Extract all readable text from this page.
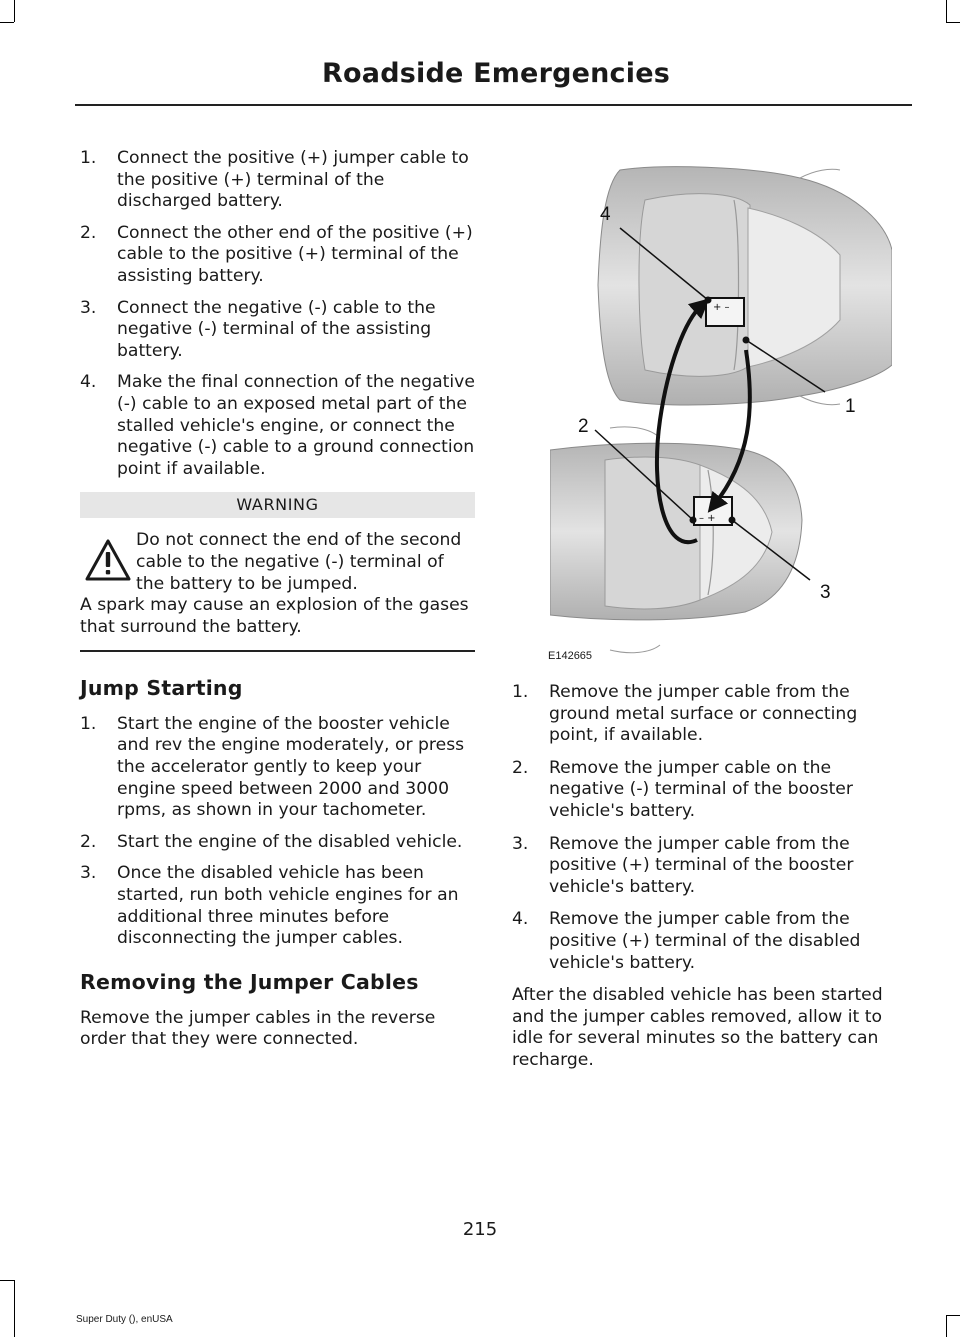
Roadside Emergencies
1. Connect the positive (+) jumper cable to the positive (+) terminal of the discharged battery.
2. Connect the other end of the positive (+) cable to the positive (+) terminal of the assisting battery.
3. Connect the negative (-) cable to the negative (-) terminal of the assisting battery.
4. Make the final connection of the negative (-) cable to an exposed metal part of the stalled vehicle's engine, or connect the negative (-) cable to a ground connection point if available.
WARNING
Do not connect the end of the second cable to the negative (-) terminal of the battery to be jumped.
A spark may cause an explosion of the gases that surround the battery.
Jump Starting
1. Start the engine of the booster vehicle and rev the engine moderately, or press the accelerator gently to keep your engine speed between 2000 and 3000 rpms, as shown in your tachometer.
2. Start the engine of the disabled vehicle.
3. Once the disabled vehicle has been started, run both vehicle engines for an additional three minutes before disconnecting the jumper cables.
Removing the Jumper Cables

Remove the jumper cables in the reverse order that they were connected.

+ –
– +
1
2
3
4
E142665
1. Remove the jumper cable from the ground metal surface or connecting point, if available.
2. Remove the jumper cable on the negative (-) terminal of the booster vehicle's battery.
3. Remove the jumper cable from the positive (+) terminal of the booster vehicle's battery.
4. Remove the jumper cable from the positive (+) terminal of the disabled vehicle's battery.

After the disabled vehicle has been started and the jumper cables removed, allow it to idle for several minutes so the battery can recharge.

215
Super Duty (), enUSA
